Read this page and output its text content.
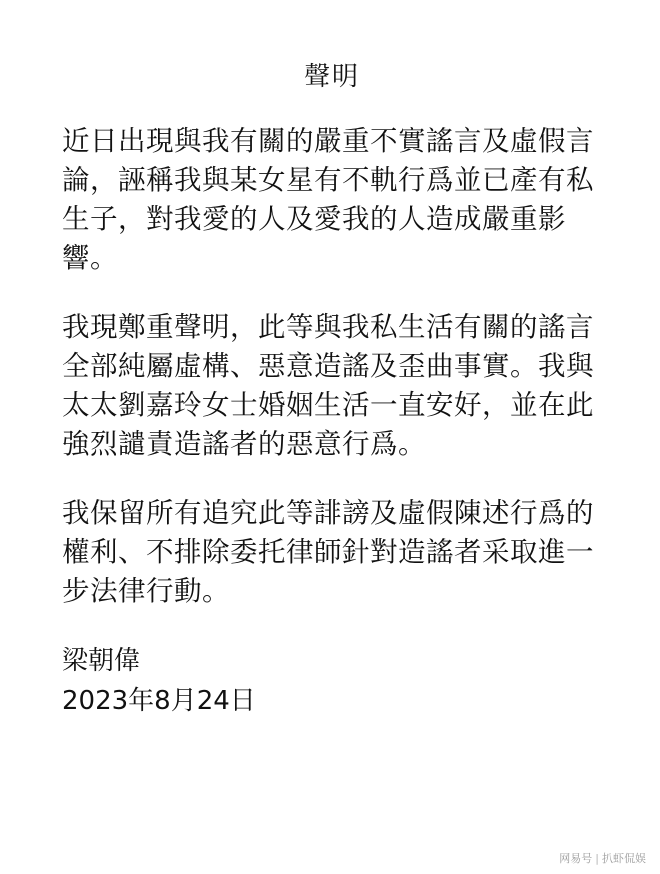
聲明
近日出現與我有關的嚴重不實謠言及虛假言
論，誣稱我與某女星有不軌行爲並已產有私
生子，對我愛的人及愛我的人造成嚴重影
響。
我現鄭重聲明，此等與我私生活有關的謠言
全部純屬虛構、惡意造謠及歪曲事實。我與
太太劉嘉玲女士婚姻生活一直安好，並在此
強烈譴責造謠者的惡意行爲。
我保留所有追究此等誹謗及虛假陳述行爲的
權利、不排除委托律師針對造謠者采取進一
步法律行動。
梁朝偉
2023年8月24日
网易号 | 扒虾侃娱
